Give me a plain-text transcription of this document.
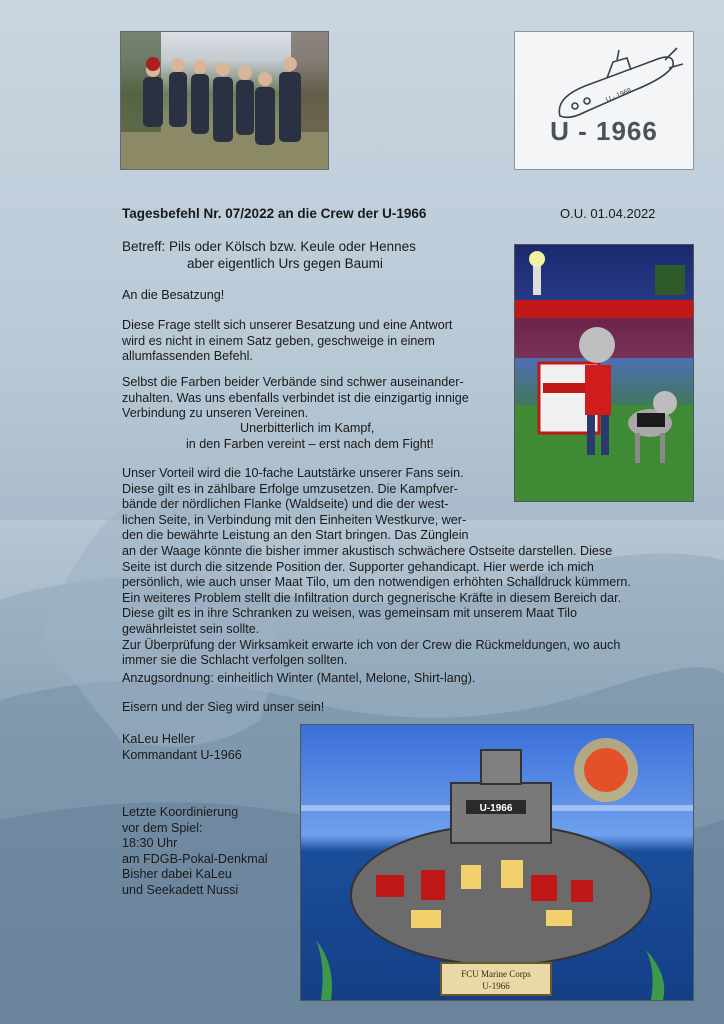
U - 1966
U - 1966
Tagesbefehl Nr. 07/2022 an die Crew der U-1966	O.U. 01.04.2022
Betreff: Pils oder Kölsch bzw. Keule oder Hennes
aber eigentlich Urs gegen Baumi
An die Besatzung!
Diese Frage stellt sich unserer Besatzung und eine Antwort
wird es nicht in einem Satz geben, geschweige in einem
allumfassenden Befehl.
Selbst die Farben beider Verbände sind schwer auseinander-
zuhalten. Was uns ebenfalls verbindet ist die einzigartig innige
Verbindung zu unseren Vereinen.
Unerbitterlich im Kampf,
in den Farben vereint – erst nach dem Fight!
Unser Vorteil wird die 10-fache Lautstärke unserer Fans sein.
Diese gilt es in zählbare Erfolge umzusetzen. Die Kampfver-
bände der nördlichen Flanke (Waldseite) und die der west-
lichen Seite, in Verbindung mit den Einheiten Westkurve, wer-
den die bewährte Leistung an den Start bringen. Das Zünglein
an der Waage könnte die bisher immer akustisch schwächere Ostseite darstellen. Diese
Seite ist durch die sitzende Position der. Supporter gehandicapt. Hier werde ich mich
persönlich, wie auch unser Maat Tilo, um den notwendigen erhöhten Schalldruck kümmern.
Ein weiteres Problem stellt die Infiltration durch gegnerische Kräfte in diesem Bereich dar.
Diese gilt es in ihre Schranken zu weisen, was gemeinsam mit unserem Maat Tilo
gewährleistet sein sollte.
Zur Überprüfung der Wirksamkeit erwarte ich von der Crew die Rückmeldungen, wo auch
immer sie die Schlacht verfolgen sollten.
Anzugsordnung: einheitlich Winter (Mantel, Melone, Shirt-lang).
Eisern und der Sieg wird unser sein!
KaLeu Heller
Kommandant U-1966
Letzte Koordinierung
vor dem Spiel:
18:30 Uhr
am FDGB-Pokal-Denkmal
Bisher dabei KaLeu
und Seekadett Nussi
U-1966
FCU Marine Corps
U-1966
